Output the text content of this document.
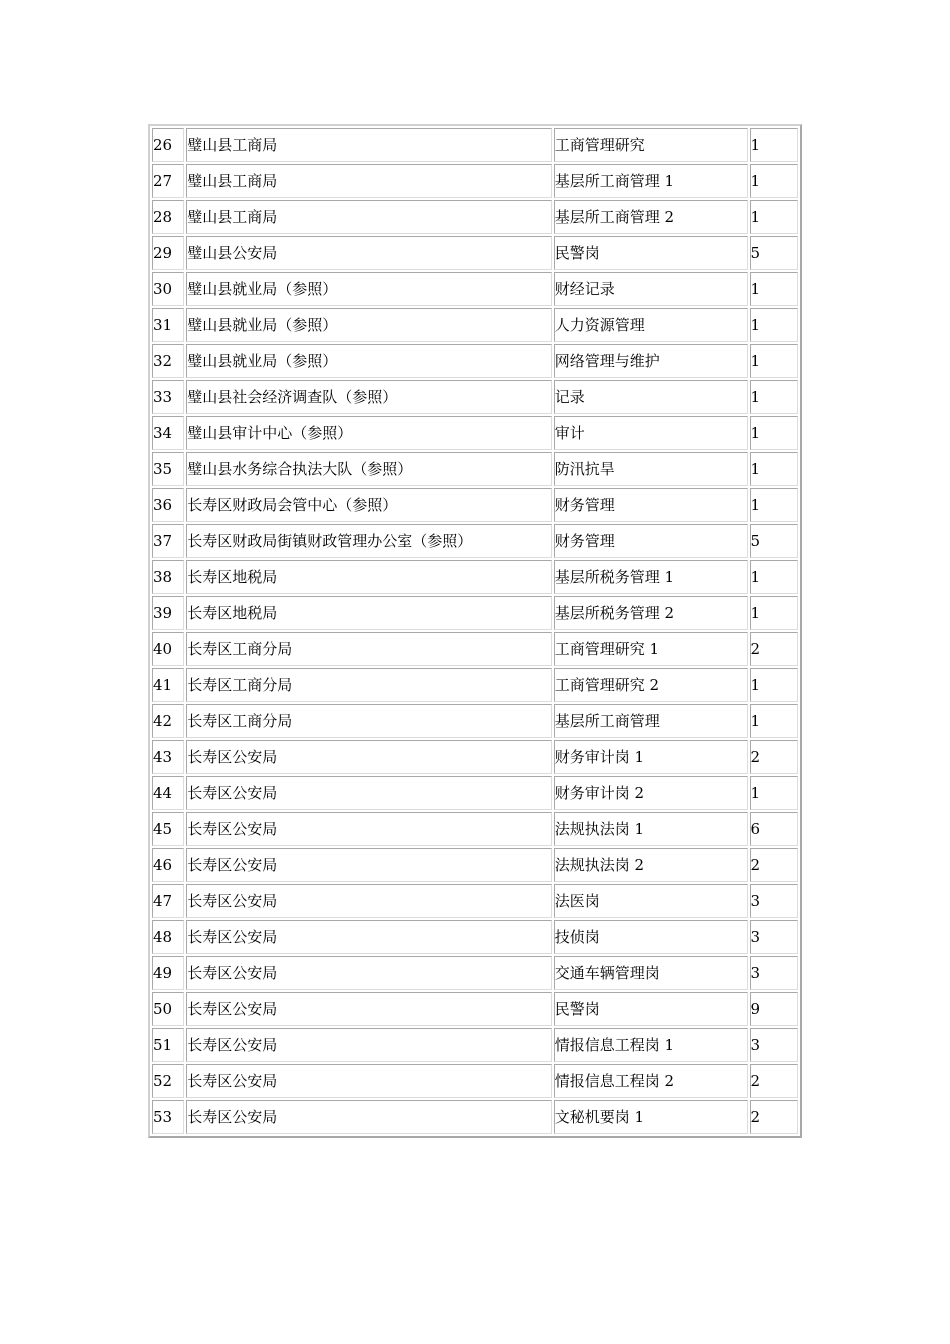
26	璧山县工商局	工商管理研究	1
27	璧山县工商局	基层所工商管理 1	1
28	璧山县工商局	基层所工商管理 2	1
29	璧山县公安局	民警岗	5
30	璧山县就业局（参照）	财经记录	1
31	璧山县就业局（参照）	人力资源管理	1
32	璧山县就业局（参照）	网络管理与维护	1
33	璧山县社会经济调查队（参照）	记录	1
34	璧山县审计中心（参照）	审计	1
35	璧山县水务综合执法大队（参照）	防汛抗旱	1
36	长寿区财政局会管中心（参照）	财务管理	1
37	长寿区财政局街镇财政管理办公室（参照）	财务管理	5
38	长寿区地税局	基层所税务管理 1	1
39	长寿区地税局	基层所税务管理 2	1
40	长寿区工商分局	工商管理研究 1	2
41	长寿区工商分局	工商管理研究 2	1
42	长寿区工商分局	基层所工商管理	1
43	长寿区公安局	财务审计岗 1	2
44	长寿区公安局	财务审计岗 2	1
45	长寿区公安局	法规执法岗 1	6
46	长寿区公安局	法规执法岗 2	2
47	长寿区公安局	法医岗	3
48	长寿区公安局	技侦岗	3
49	长寿区公安局	交通车辆管理岗	3
50	长寿区公安局	民警岗	9
51	长寿区公安局	情报信息工程岗 1	3
52	长寿区公安局	情报信息工程岗 2	2
53	长寿区公安局	文秘机要岗 1	2
